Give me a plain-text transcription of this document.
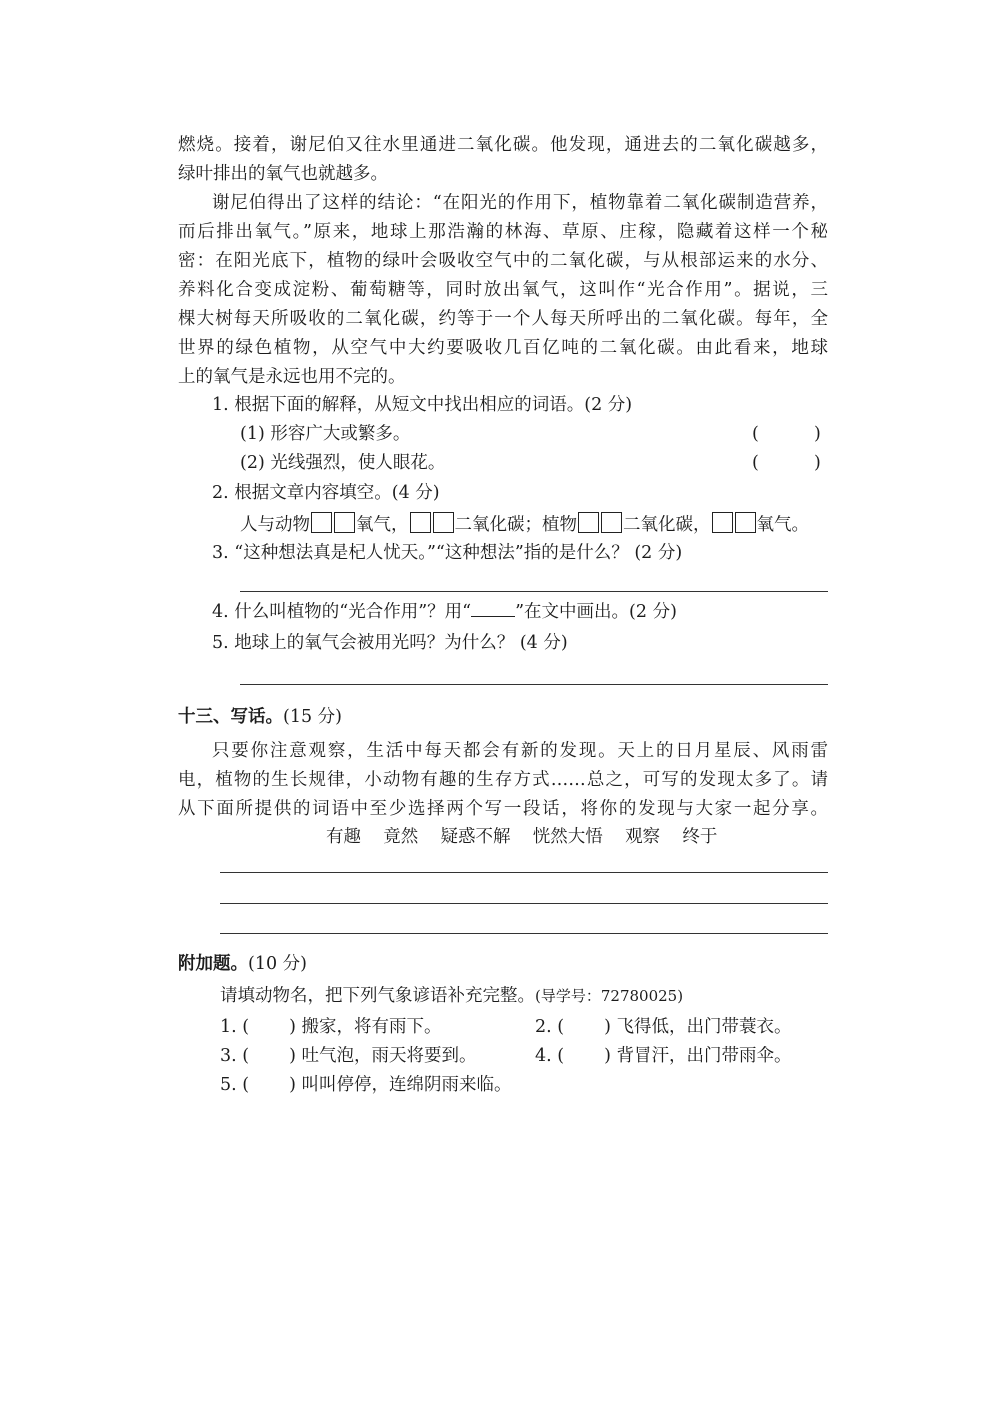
燃烧。接着，谢尼伯又往水里通进二氧化碳。他发现，通进去的二氧化碳越多，
绿叶排出的氧气也就越多。
谢尼伯得出了这样的结论：“在阳光的作用下，植物靠着二氧化碳制造营养，
而后排出氧气。”原来，地球上那浩瀚的林海、草原、庄稼，隐藏着这样一个秘
密：在阳光底下，植物的绿叶会吸收空气中的二氧化碳，与从根部运来的水分、
养料化合变成淀粉、葡萄糖等，同时放出氧气，这叫作“光合作用”。据说，三
棵大树每天所吸收的二氧化碳，约等于一个人每天所呼出的二氧化碳。每年，全
世界的绿色植物，从空气中大约要吸收几百亿吨的二氧化碳。由此看来，地球
上的氧气是永远也用不完的。
1. 根据下面的解释，从短文中找出相应的词语。(2 分)
(1) 形容广大或繁多。	(	)
(2) 光线强烈，使人眼花。	(	)
2. 根据文章内容填空。(4 分)
人与动物	氧气，	二氧化碳；植物	二氧化碳，	氧气。
3. “这种想法真是杞人忧天。”“这种想法”指的是什么？ (2 分)
4. 什么叫植物的“光合作用”？用“	”在文中画出。(2 分)
5. 地球上的氧气会被用光吗？为什么？ (4 分)
十三、写话。(15 分)
只要你注意观察，生活中每天都会有新的发现。天上的日月星辰、风雨雷
电，植物的生长规律，小动物有趣的生存方式……总之，可写的发现太多了。请
从下面所提供的词语中至少选择两个写一段话，将你的发现与大家一起分享。
有趣 竟然 疑惑不解 恍然大悟 观察 终于
附加题。(10 分)
请填动物名，把下列气象谚语补充完整。(导学号：72780025)
1. ( ) 搬家，将有雨下。	2. ( ) 飞得低，出门带蓑衣。
3. ( ) 吐气泡，雨天将要到。	4. ( ) 背冒汗，出门带雨伞。
5. ( ) 叫叫停停，连绵阴雨来临。
